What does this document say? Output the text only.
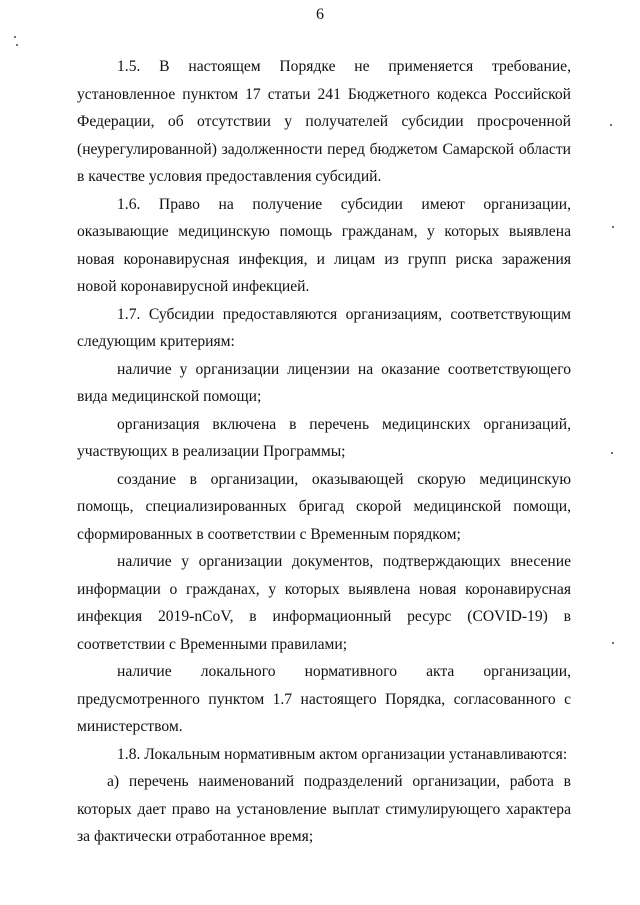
6

1.5. В настоящем Порядке не применяется требование, установленное пунктом 17 статьи 241 Бюджетного кодекса Российской Федерации, об отсутствии у получателей субсидии просроченной (неурегулированной) задолженности перед бюджетом Самарской области в качестве условия предоставления субсидий.

1.6. Право на получение субсидии имеют организации, оказывающие медицинскую помощь гражданам, у которых выявлена новая коронавирусная инфекция, и лицам из групп риска заражения новой коронавирусной инфекцией.

1.7. Субсидии предоставляются организациям, соответствующим следующим критериям:

наличие у организации лицензии на оказание соответствующего вида медицинской помощи;

организация включена в перечень медицинских организаций, участвующих в реализации Программы;

создание в организации, оказывающей скорую медицинскую помощь, специализированных бригад скорой медицинской помощи, сформированных в соответствии с Временным порядком;

наличие у организации документов, подтверждающих внесение информации о гражданах, у которых выявлена новая коронавирусная инфекция 2019-nCoV, в информационный ресурс (COVID-19) в соответствии с Временными правилами;

наличие локального нормативного акта организации, предусмотренного пунктом 1.7 настоящего Порядка, согласованного с министерством.

1.8. Локальным нормативным актом организации устанавливаются:

а) перечень наименований подразделений организации, работа в которых дает право на установление выплат стимулирующего характера за фактически отработанное время;
